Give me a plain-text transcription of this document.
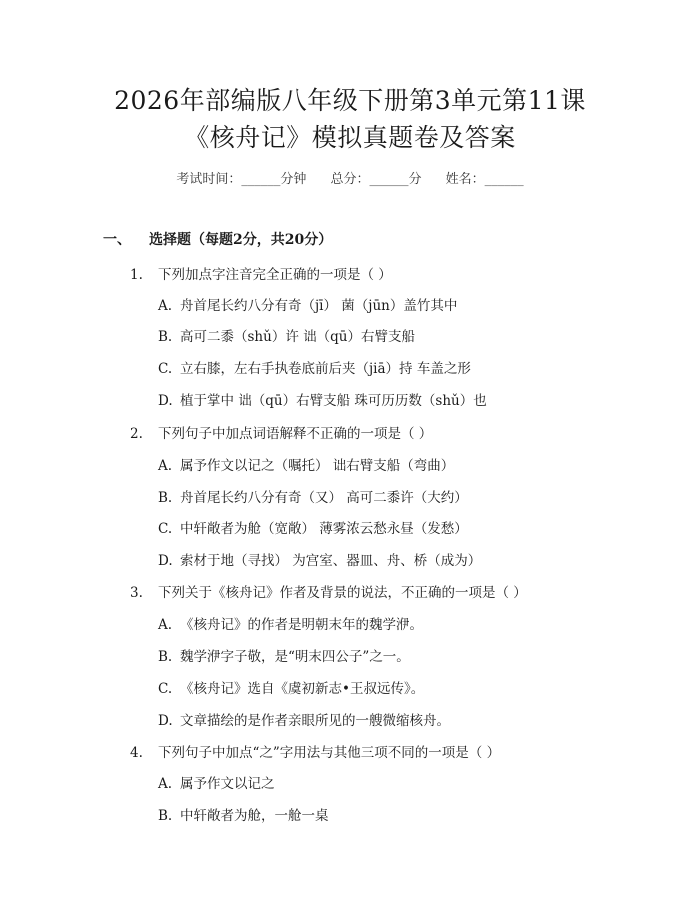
2026年部编版八年级下册第3单元第11课
《核舟记》模拟真题卷及答案
考试时间：______分钟 总分：______分 姓名：______
一、 选择题（每题2分，共20分）
1. 下列加点字注音完全正确的一项是（ ）
A. 舟首尾长约八分有奇（jī） 菌（jūn）盖竹其中
B. 高可二黍（shǔ）许 诎（qū）右臂支船
C. 立右膝，左右手执卷底前后夹（jiā）持 车盖之形
D. 植于掌中 诎（qū）右臂支船 珠可历历数（shǔ）也
2. 下列句子中加点词语解释不正确的一项是（ ）
A. 属予作文以记之（嘱托） 诎右臂支船（弯曲）
B. 舟首尾长约八分有奇（又） 高可二黍许（大约）
C. 中轩敞者为舱（宽敞） 薄雾浓云愁永昼（发愁）
D. 索材于地（寻找） 为宫室、器皿、舟、桥（成为）
3. 下列关于《核舟记》作者及背景的说法，不正确的一项是（ ）
A. 《核舟记》的作者是明朝末年的魏学洢。
B. 魏学洢字子敬，是“明末四公子”之一。
C. 《核舟记》选自《虞初新志•王叔远传》。
D. 文章描绘的是作者亲眼所见的一艘微缩核舟。
4. 下列句子中加点“之”字用法与其他三项不同的一项是（ ）
A. 属予作文以记之
B. 中轩敞者为舱，一舱一桌
